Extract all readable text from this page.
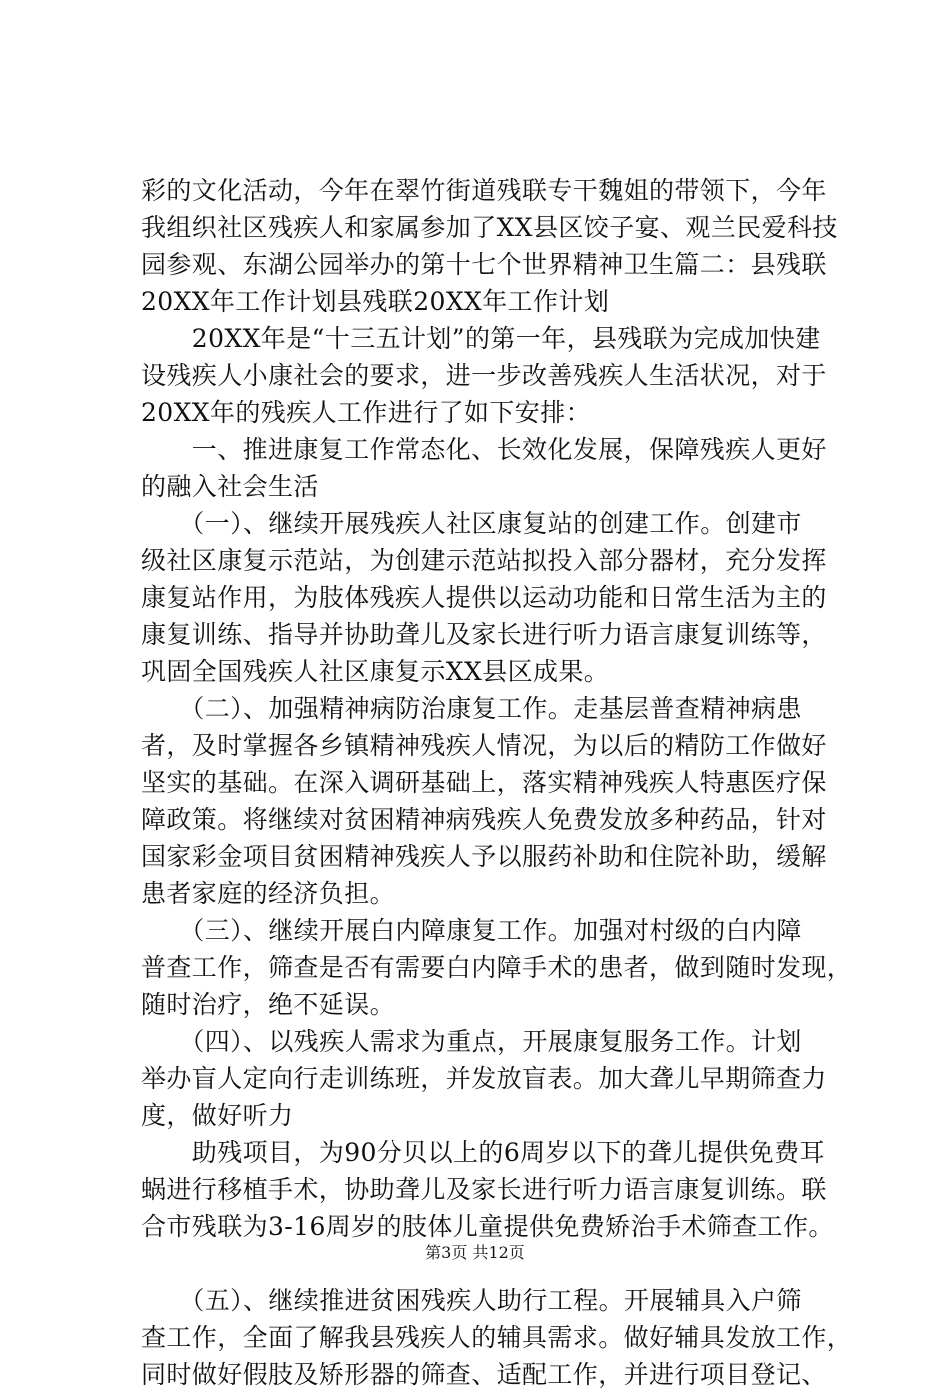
彩的文化活动，今年在翠竹街道残联专干魏姐的带领下，今年
我组织社区残疾人和家属参加了XX县区饺子宴、观兰民爱科技
园参观、东湖公园举办的第十七个世界精神卫生篇二：县残联
20XX年工作计划县残联20XX年工作计划
　　20XX年是“十三五计划”的第一年，县残联为完成加快建
设残疾人小康社会的要求，进一步改善残疾人生活状况，对于
20XX年的残疾人工作进行了如下安排：
　　一、推进康复工作常态化、长效化发展，保障残疾人更好
的融入社会生活
　　（一）、继续开展残疾人社区康复站的创建工作。创建市
级社区康复示范站，为创建示范站拟投入部分器材，充分发挥
康复站作用，为肢体残疾人提供以运动功能和日常生活为主的
康复训练、指导并协助聋儿及家长进行听力语言康复训练等，
巩固全国残疾人社区康复示XX县区成果。
　　（二）、加强精神病防治康复工作。走基层普查精神病患
者，及时掌握各乡镇精神残疾人情况，为以后的精防工作做好
坚实的基础。在深入调研基础上，落实精神残疾人特惠医疗保
障政策。将继续对贫困精神病残疾人免费发放多种药品，针对
国家彩金项目贫困精神残疾人予以服药补助和住院补助，缓解
患者家庭的经济负担。
　　（三）、继续开展白内障康复工作。加强对村级的白内障
普查工作，筛查是否有需要白内障手术的患者，做到随时发现，
随时治疗，绝不延误。
　　（四）、以残疾人需求为重点，开展康复服务工作。计划
举办盲人定向行走训练班，并发放盲表。加大聋儿早期筛查力
度，做好听力
　　助残项目，为90分贝以上的6周岁以下的聋儿提供免费耳
蜗进行移植手术，协助聋儿及家长进行听力语言康复训练。联
合市残联为3-16周岁的肢体儿童提供免费矫治手术筛查工作。
　　（五）、继续推进贫困残疾人助行工程。开展辅具入户筛
查工作，全面了解我县残疾人的辅具需求。做好辅具发放工作，
同时做好假肢及矫形器的筛查、适配工作，并进行项目登记、
第3页 共12页
